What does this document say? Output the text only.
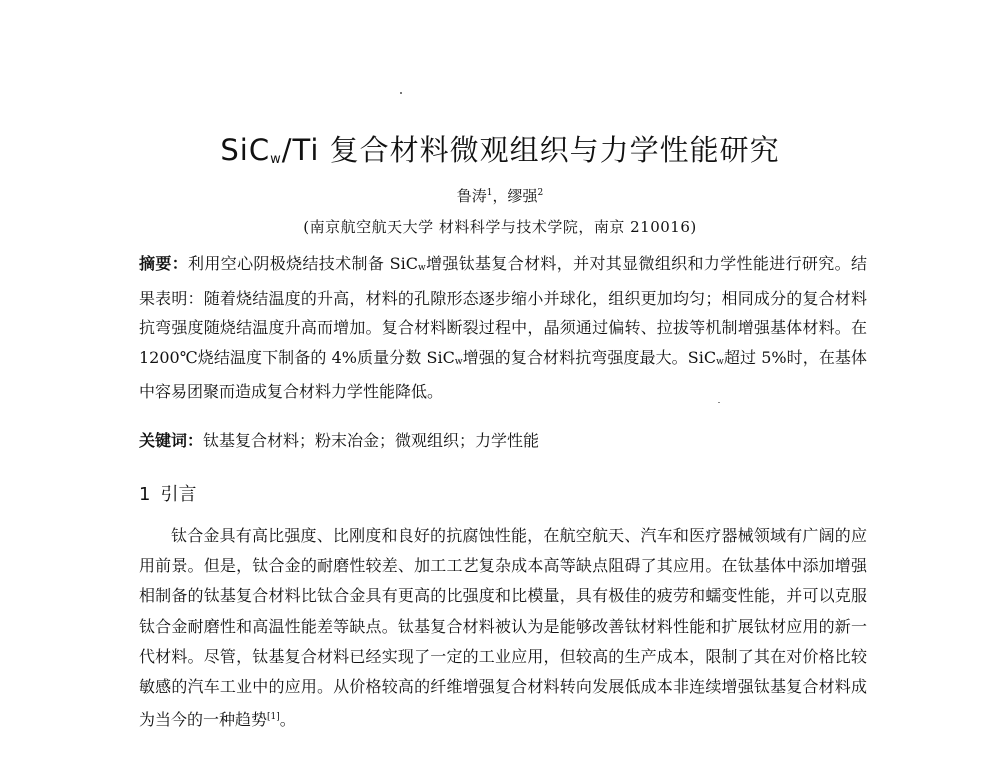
SiC$_w$/Ti 复合材料微观组织与力学性能研究
鲁涛$^1$，缪强$^2$
(南京航空航天大学 材料科学与技术学院，南京 210016)
摘要：利用空心阴极烧结技术制备 SiC$_w$增强钛基复合材料，并对其显微组织和力学性能进行研究。结果表明：随着烧结温度的升高，材料的孔隙形态逐步缩小并球化，组织更加均匀；相同成分的复合材料抗弯强度随烧结温度升高而增加。复合材料断裂过程中，晶须通过偏转、拉拔等机制增强基体材料。在 1200℃烧结温度下制备的 4%质量分数 SiC$_w$增强的复合材料抗弯强度最大。SiC$_w$超过 5%时，在基体中容易团聚而造成复合材料力学性能降低。
关键词：钛基复合材料；粉末冶金；微观组织；力学性能
1 引言
钛合金具有高比强度、比刚度和良好的抗腐蚀性能，在航空航天、汽车和医疗器械领域有广阔的应用前景。但是，钛合金的耐磨性较差、加工工艺复杂成本高等缺点阻碍了其应用。在钛基体中添加增强相制备的钛基复合材料比钛合金具有更高的比强度和比模量，具有极佳的疲劳和蠕变性能，并可以克服钛合金耐磨性和高温性能差等缺点。钛基复合材料被认为是能够改善钛材料性能和扩展钛材应用的新一代材料。尽管，钛基复合材料已经实现了一定的工业应用，但较高的生产成本，限制了其在对价格比较敏感的汽车工业中的应用。从价格较高的纤维增强复合材料转向发展低成本非连续增强钛基复合材料成为当今的一种趋势[1]。
